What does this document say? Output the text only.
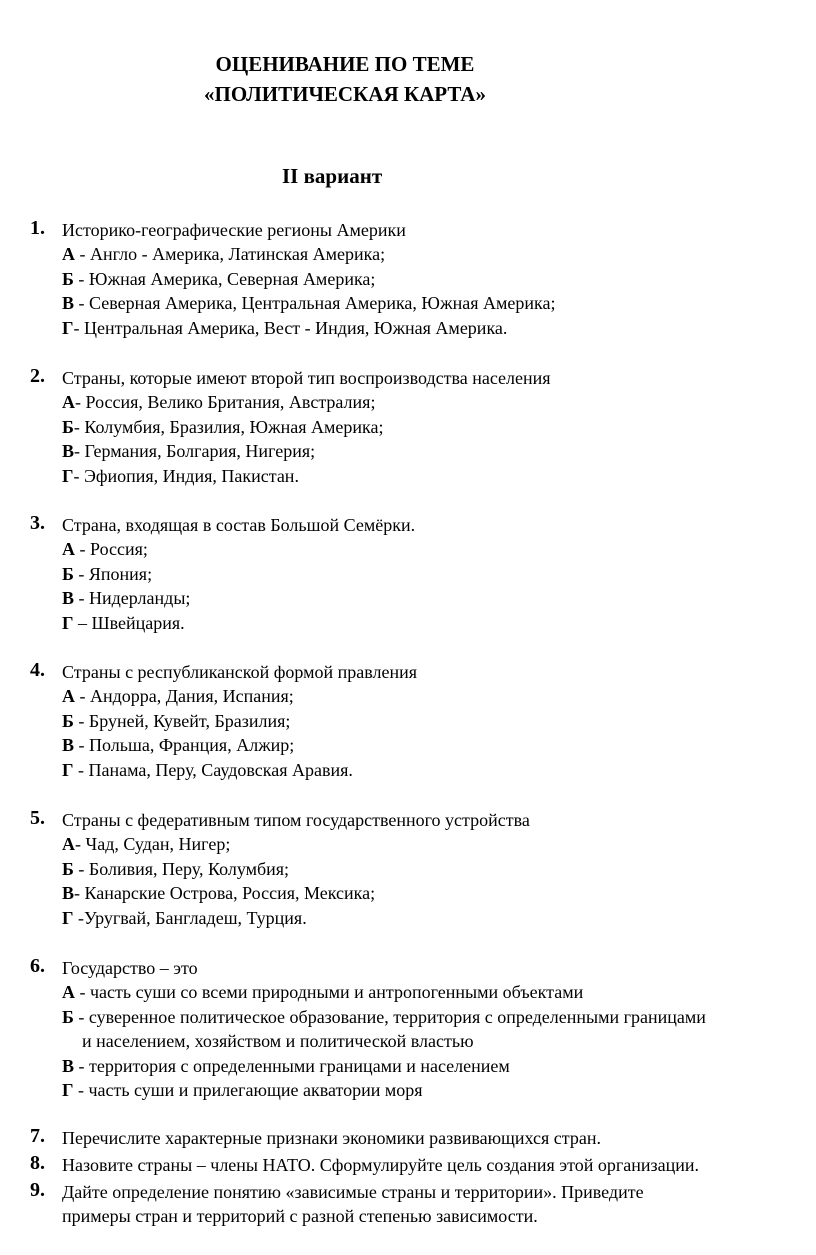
ОЦЕНИВАНИЕ ПО ТЕМЕ
«ПОЛИТИЧЕСКАЯ КАРТА»
II вариант
1. Историко-географические регионы Америки
А - Англо - Америка, Латинская Америка;
Б - Южная Америка, Северная Америка;
В - Северная Америка, Центральная Америка, Южная Америка;
Г- Центральная Америка, Вест - Индия, Южная Америка.
2. Страны, которые имеют второй тип воспроизводства населения
А- Россия, Велико Британия, Австралия;
Б- Колумбия, Бразилия, Южная Америка;
В- Германия, Болгария, Нигерия;
Г- Эфиопия, Индия, Пакистан.
3. Страна, входящая в состав Большой Семёрки.
А - Россия;
Б - Япония;
В - Нидерланды;
Г – Швейцария.
4. Страны с республиканской формой правления
А - Андорра, Дания, Испания;
Б - Бруней, Кувейт, Бразилия;
В - Польша, Франция, Алжир;
Г - Панама, Перу, Саудовская Аравия.
5. Страны с федеративным типом государственного устройства
А- Чад, Судан, Нигер;
Б - Боливия, Перу, Колумбия;
В- Канарские Острова, Россия, Мексика;
Г -Уругвай, Бангладеш, Турция.
6. Государство – это
А - часть суши со всеми природными и антропогенными объектами
Б - суверенное политическое образование, территория с определенными границами
и населением, хозяйством и политической властью
В - территория с определенными границами и населением
Г - часть суши и прилегающие акватории моря
7. Перечислите характерные признаки экономики развивающихся стран.
8. Назовите страны – члены НАТО. Сформулируйте цель создания этой организации.
9. Дайте определение понятию «зависимые страны и территории». Приведите
примеры стран и территорий с разной степенью зависимости.
